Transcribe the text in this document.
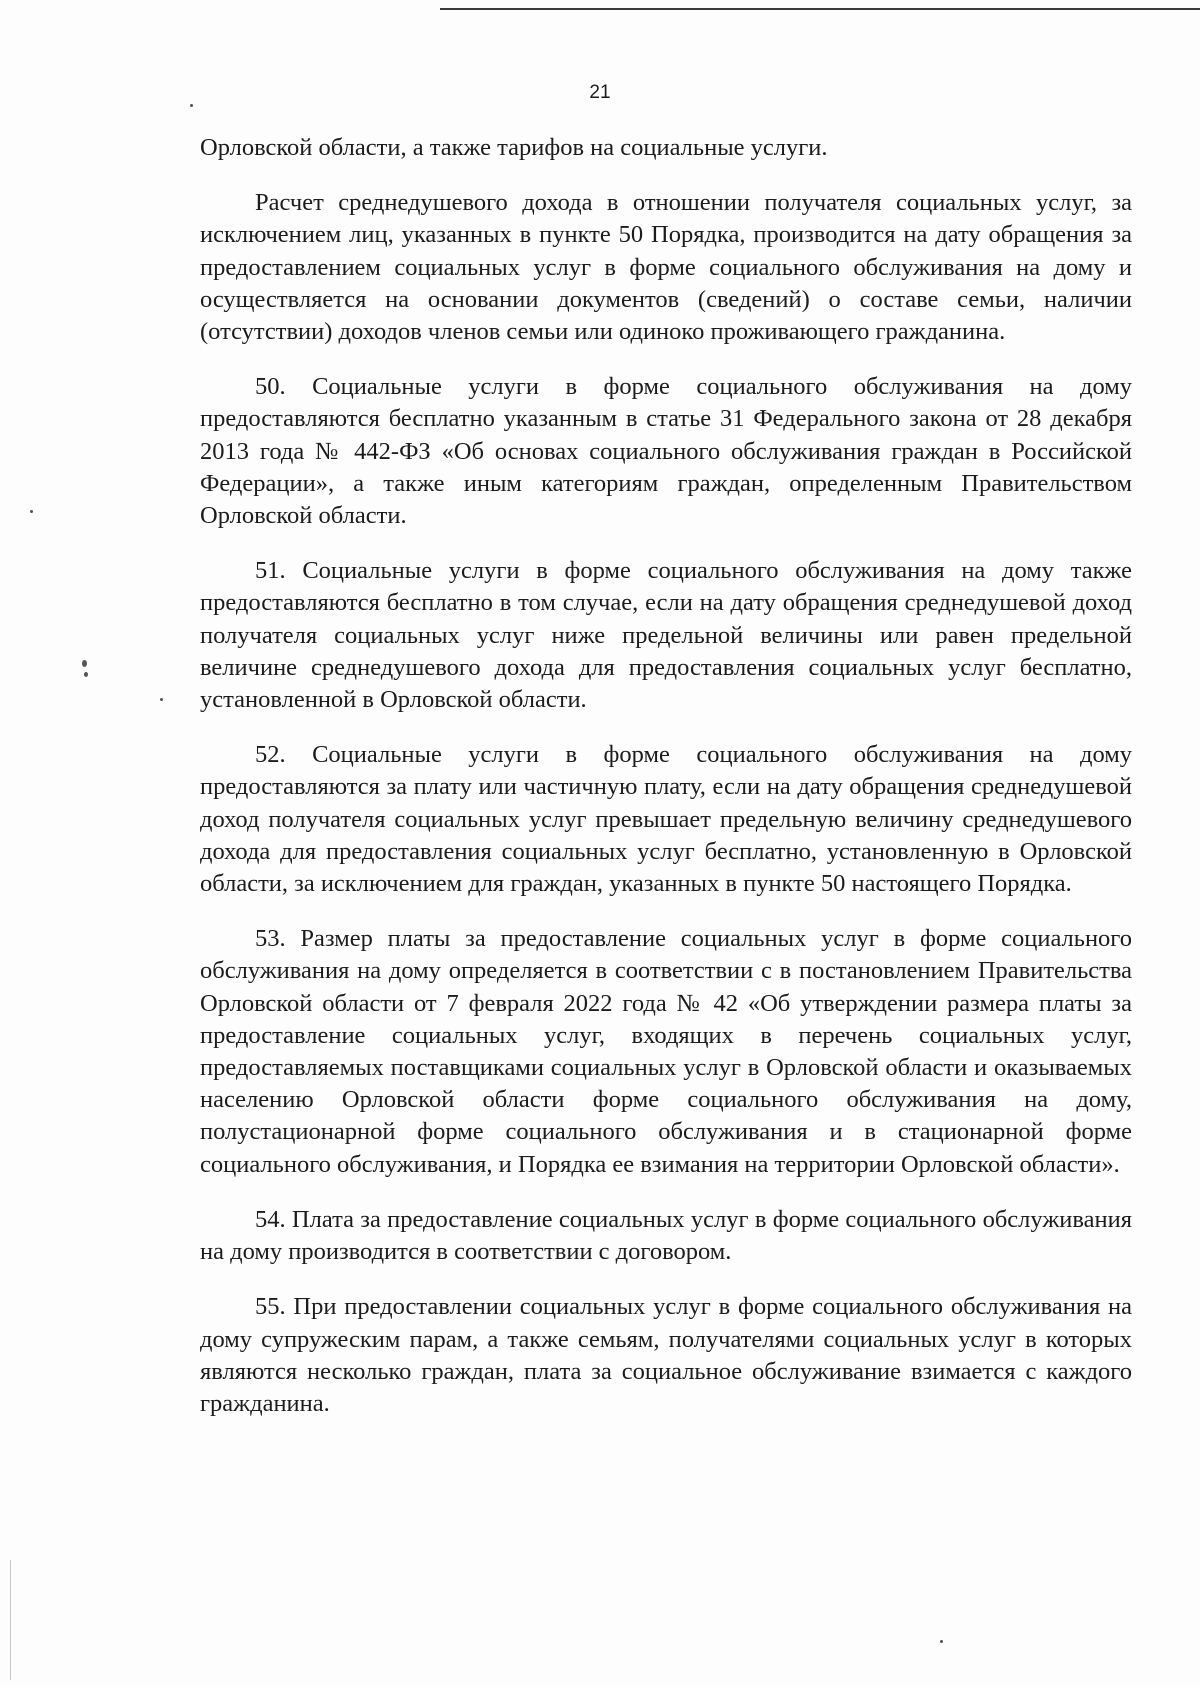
21

Орловской области, а также тарифов на социальные услуги.

Расчет среднедушевого дохода в отношении получателя социальных услуг, за исключением лиц, указанных в пункте 50 Порядка, производится на дату обращения за предоставлением социальных услуг в форме социального обслуживания на дому и осуществляется на основании документов (сведений) о составе семьи, наличии (отсутствии) доходов членов семьи или одиноко проживающего гражданина.

50. Социальные услуги в форме социального обслуживания на дому предоставляются бесплатно указанным в статье 31 Федерального закона от 28 декабря 2013 года № 442-ФЗ «Об основах социального обслуживания граждан в Российской Федерации», а также иным категориям граждан, определенным Правительством Орловской области.

51. Социальные услуги в форме социального обслуживания на дому также предоставляются бесплатно в том случае, если на дату обращения среднедушевой доход получателя социальных услуг ниже предельной величины или равен предельной величине среднедушевого дохода для предоставления социальных услуг бесплатно, установленной в Орловской области.

52. Социальные услуги в форме социального обслуживания на дому предоставляются за плату или частичную плату, если на дату обращения среднедушевой доход получателя социальных услуг превышает предельную величину среднедушевого дохода для предоставления социальных услуг бесплатно, установленную в Орловской области, за исключением для граждан, указанных в пункте 50 настоящего Порядка.

53. Размер платы за предоставление социальных услуг в форме социального обслуживания на дому определяется в соответствии с в постановлением Правительства Орловской области от 7 февраля 2022 года № 42 «Об утверждении размера платы за предоставление социальных услуг, входящих в перечень социальных услуг, предоставляемых поставщиками социальных услуг в Орловской области и оказываемых населению Орловской области форме социального обслуживания на дому, полустационарной форме социального обслуживания и в стационарной форме социального обслуживания, и Порядка ее взимания на территории Орловской области».

54. Плата за предоставление социальных услуг в форме социального обслуживания на дому производится в соответствии с договором.

55. При предоставлении социальных услуг в форме социального обслуживания на дому супружеским парам, а также семьям, получателями социальных услуг в которых являются несколько граждан, плата за социальное обслуживание взимается с каждого гражданина.
